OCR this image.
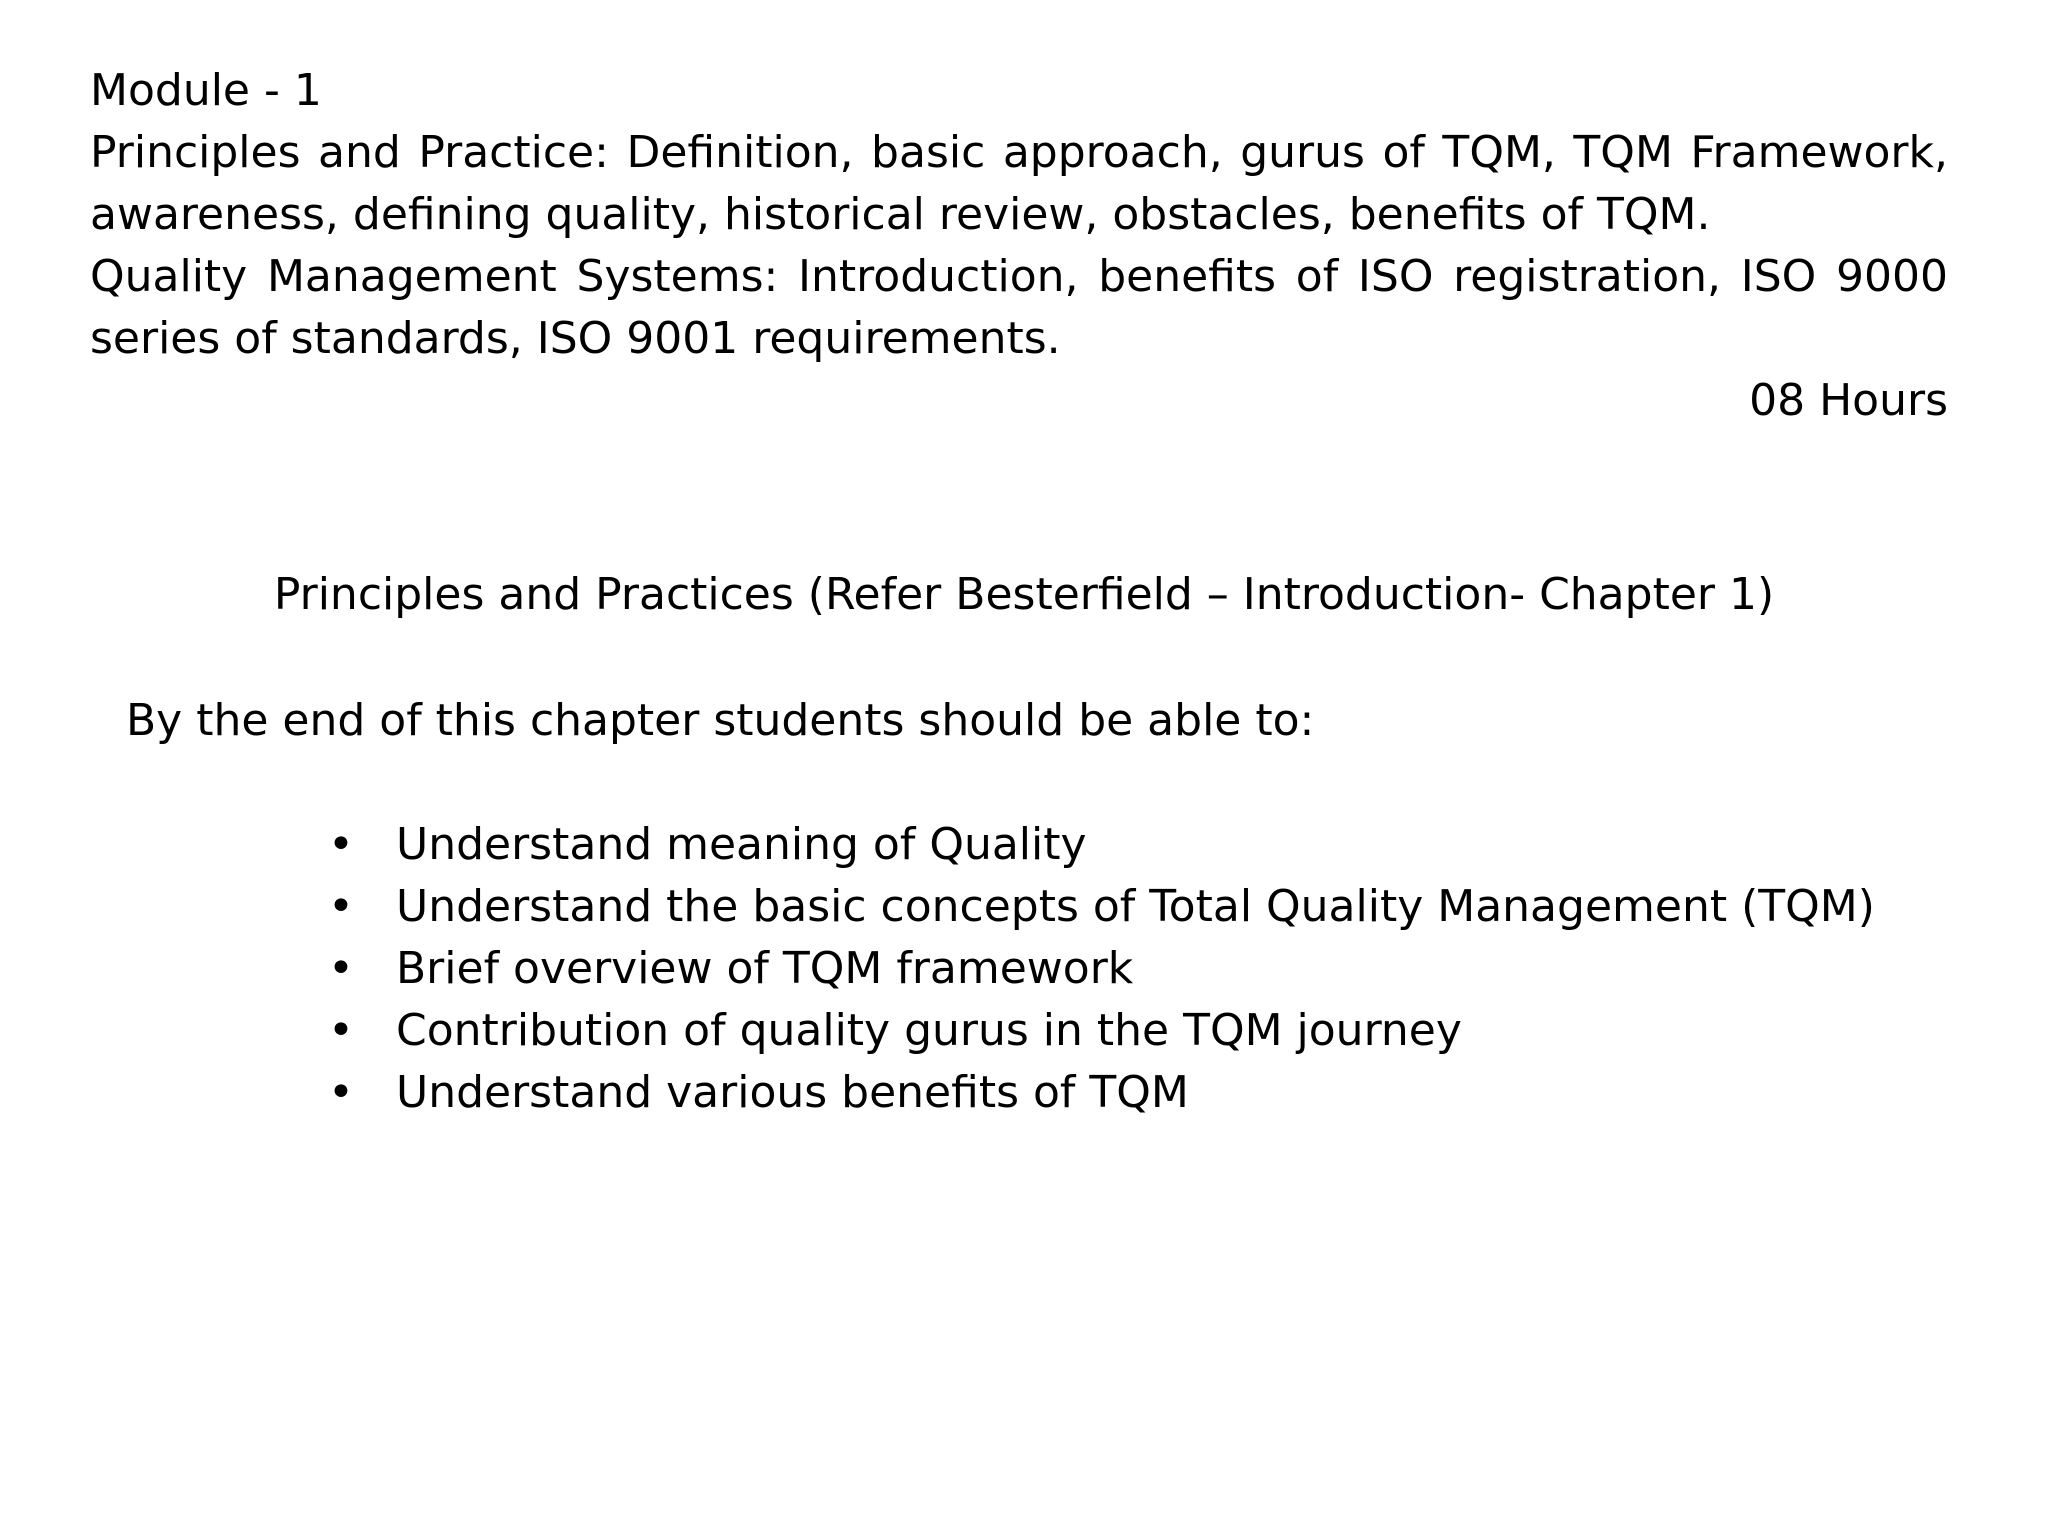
Module - 1
Principles and Practice: Definition, basic approach, gurus of TQM, TQM Framework, awareness, defining quality, historical review, obstacles, benefits of TQM.
Quality Management Systems: Introduction, benefits of ISO registration, ISO 9000 series of standards, ISO 9001 requirements.
08 Hours
Principles and Practices (Refer Besterfield – Introduction- Chapter 1)
By the end of this chapter students should be able to:
• Understand meaning of Quality
• Understand the basic concepts of Total Quality Management (TQM)
• Brief overview of TQM framework
• Contribution of quality gurus in the TQM journey
• Understand various benefits of TQM
